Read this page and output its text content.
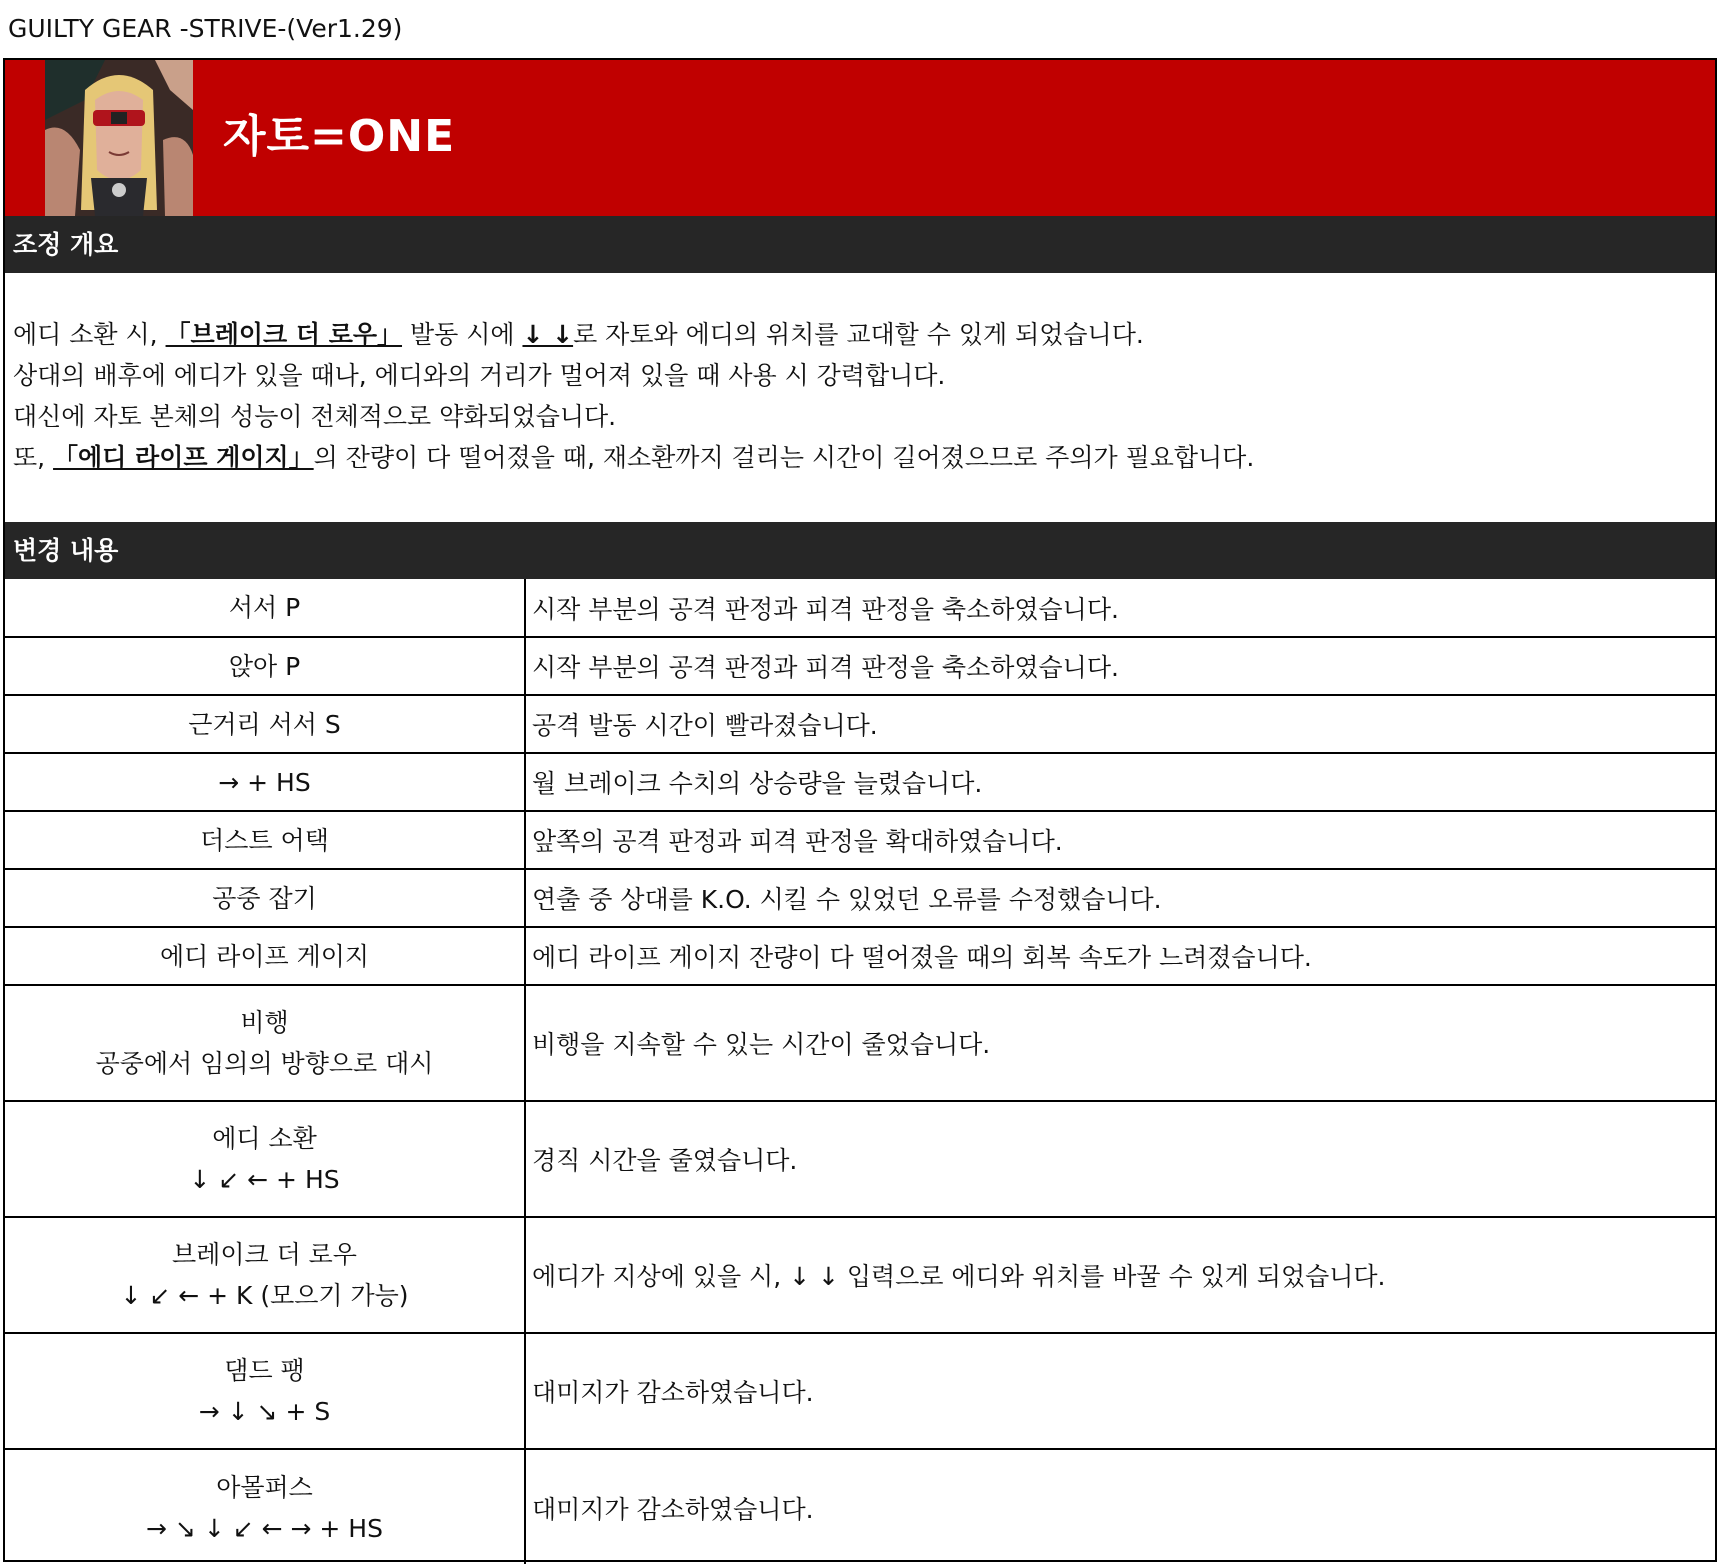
GUILTY GEAR -STRIVE-(Ver1.29)
자토=ONE
조정 개요

에디 소환 시, 「브레이크 더 로우」 발동 시에 ↓ ↓로 자토와 에디의 위치를 교대할 수 있게 되었습니다.

상대의 배후에 에디가 있을 때나, 에디와의 거리가 멀어져 있을 때 사용 시 강력합니다.

대신에 자토 본체의 성능이 전체적으로 약화되었습니다.

또, 「에디 라이프 게이지」의 잔량이 다 떨어졌을 때, 재소환까지 걸리는 시간이 길어졌으므로 주의가 필요합니다.

변경 내용
서서 P	시작 부분의 공격 판정과 피격 판정을 축소하였습니다.

앉아 P	시작 부분의 공격 판정과 피격 판정을 축소하였습니다.

근거리 서서 S	공격 발동 시간이 빨라졌습니다.

→ + HS	월 브레이크 수치의 상승량을 늘렸습니다.

더스트 어택	앞쪽의 공격 판정과 피격 판정을 확대하였습니다.

공중 잡기	연출 중 상대를 K.O. 시킬 수 있었던 오류를 수정했습니다.

에디 라이프 게이지	에디 라이프 게이지 잔량이 다 떨어졌을 때의 회복 속도가 느려졌습니다.

비행
공중에서 임의의 방향으로 대시	비행을 지속할 수 있는 시간이 줄었습니다.

에디 소환
↓ ↙ ← + HS	경직 시간을 줄였습니다.

브레이크 더 로우
↓ ↙ ← + K (모으기 가능)	에디가 지상에 있을 시, ↓ ↓ 입력으로 에디와 위치를 바꿀 수 있게 되었습니다.

댐드 팽
→ ↓ ↘ + S	대미지가 감소하였습니다.

아몰퍼스
→ ↘ ↓ ↙ ← → + HS	대미지가 감소하였습니다.
